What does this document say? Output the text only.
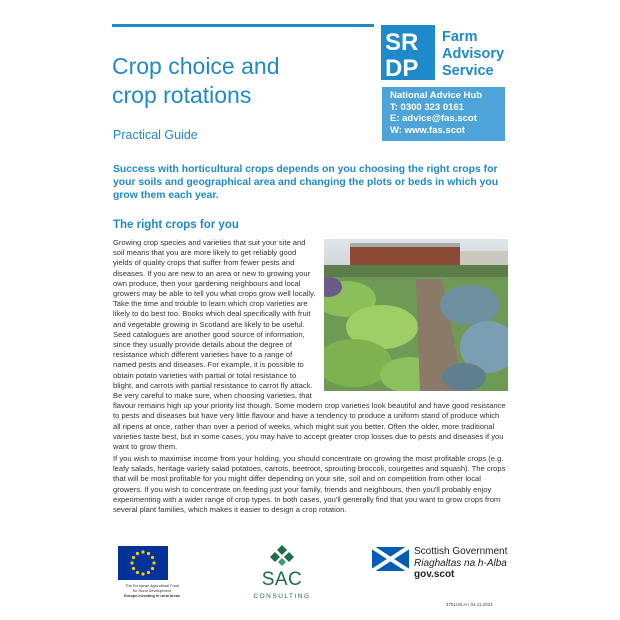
Crop choice and
crop rotations
Practical Guide
SR
DP
Farm
Advisory
Service
National Advice Hub
T: 0300 323 0161
E: advice@fas.scot
W: www.fas.scot

Success with horticultural crops depends on you choosing the right crops for your soils and geographical area and changing the plots or beds in which you grow them each year.

The right crops for you
Growing crop species and varieties that suit your site and soil means that you are more likely to get reliably good yields of quality crops that suffer from fewer pests and diseases. If you are new to an area or new to growing your own produce, then your gardening neighbours and local growers may be able to tell you what crops grow well locally. Take the time and trouble to learn which crop varieties are likely to do best too. Books which deal specifically with fruit and vegetable growing in Scotland are likely to be useful. Seed catalogues are another good source of information, since they usually provide details about the degree of resistance which different varieties have to a range of named pests and diseases. For example, it is possible to obtain potato varieties with partial or total resistance to blight, and carrots with partial resistance to carrot fly attack. Be very careful to make sure, when choosing varieties, that flavour remains high up your priority list though. Some modern crop varieties look beautiful and have good resistance to pests and diseases but have very little flavour and have a tendency to produce a uniform stand of produce which all ripens at once, rather than over a period of weeks, which might suit you better. Often the older, more traditional varieties taste best, but in some cases, you may have to accept greater crop losses due to pests and diseases if you want to grow them.

If you wish to maximise income from your holding, you should concentrate on growing the most profitable crops (e.g. leafy salads, heritage variety salad potatoes, carrots, beetroot, sprouting broccoli, courgettes and squash). The crops that will be most profitable for you might differ depending on your site, soil and on competition from other local growers. If you wish to concentrate on feeding just your family, friends and neighbours, then you'll probably enjoy experimenting with a wider range of crop types. In both cases, you'll generally find that you want to grow crops from several plant families, which makes it easier to design a crop rotation.

The European Agricultural Fund
for Rural Development
Europe investing in rural areas
SAC
CONSULTING
Scottish Government
Riaghaltas na h-Alba
gov.scot
4751/3/LH / 04.11.2021
